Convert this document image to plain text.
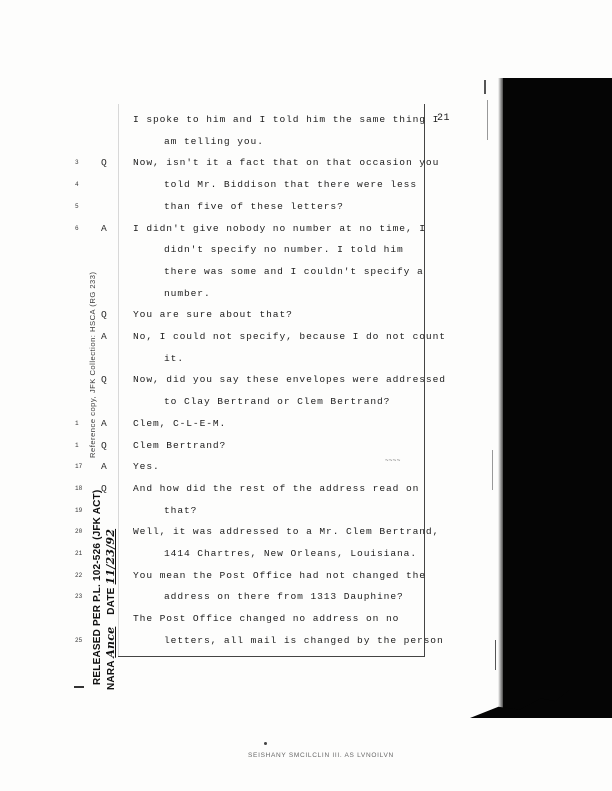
21
I spoke to him and I told him the same thing I
am telling you.
Now, isn't it a fact that on that occasion you
Q
3
told Mr. Biddison that there were less
4
than five of these letters?
5
I didn't give nobody no number at no time, I
A
6
didn't specify no number. I told him
there was some and I couldn't specify a
number.
You are sure about that?
Q
No, I could not specify, because I do not count
A
it.
Now, did you say these envelopes were addressed
Q
to Clay Bertrand or Clem Bertrand?
Clem, C-L-E-M.
A
1
Clem Bertrand?
Q
1
Yes.
A
17
And how did the rest of the address read on
Q
18
that?
19
Well, it was addressed to a Mr. Clem Bertrand,
20
1414 Chartres, New Orleans, Louisiana.
21
You mean the Post Office had not changed the
22
address on there from 1313 Dauphine?
23
The Post Office changed no address on no
letters, all mail is changed by the person
25
~~~~
Reference copy, JFK Collection: HSCA (RG 233)
RELEASED PER P.L. 102-526 (JFK ACT) NARA Ance    DATE 11/23/92
SEISHANY SMCILCLIN III. AS LVNOILVN
